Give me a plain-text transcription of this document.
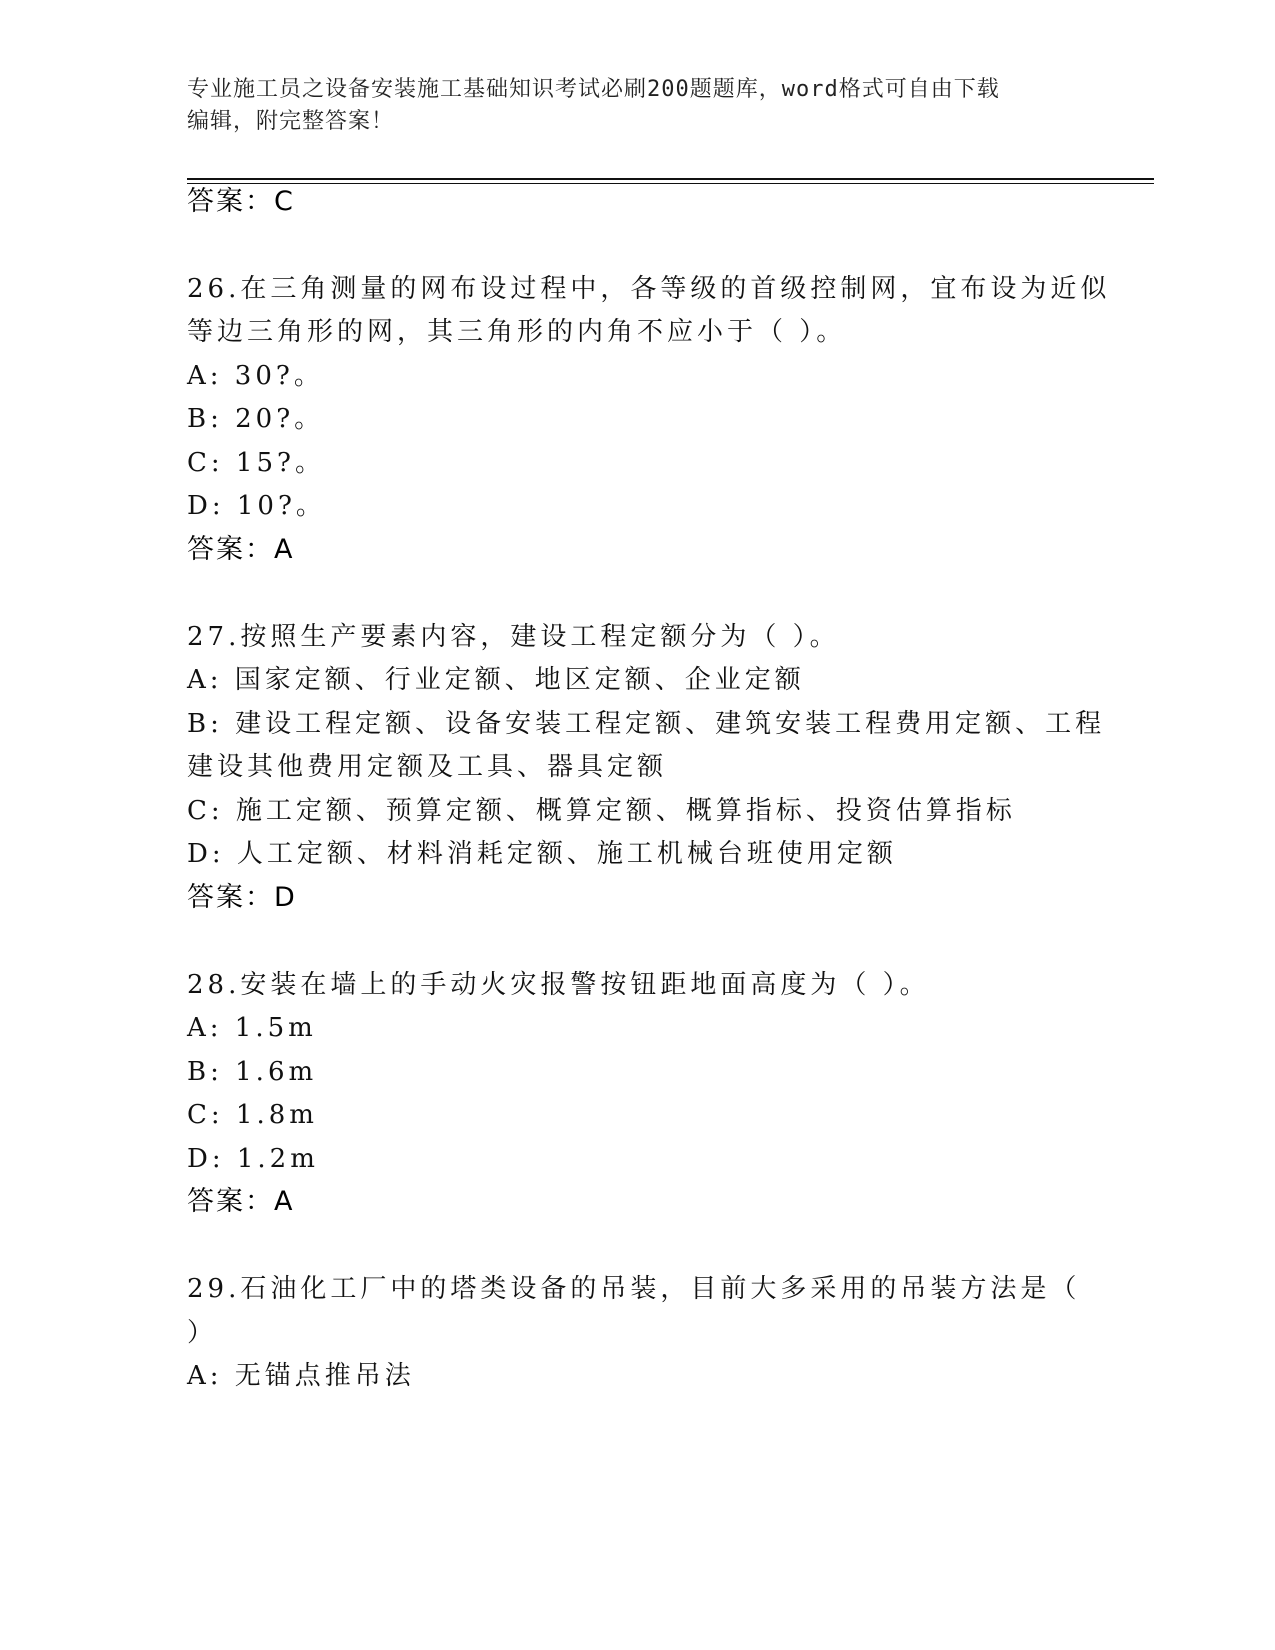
专业施工员之设备安装施工基础知识考试必刷200题题库，word格式可自由下载
编辑，附完整答案！
答案：C
26.在三角测量的网布设过程中，各等级的首级控制网，宜布设为近似
等边三角形的网，其三角形的内角不应小于（ ）。
A: 30?。
B: 20?。
C: 15?。
D: 10?。
答案：A
27.按照生产要素内容，建设工程定额分为（ ）。
A: 国家定额、行业定额、地区定额、企业定额
B: 建设工程定额、设备安装工程定额、建筑安装工程费用定额、工程
建设其他费用定额及工具、器具定额
C: 施工定额、预算定额、概算定额、概算指标、投资估算指标
D: 人工定额、材料消耗定额、施工机械台班使用定额
答案：D
28.安装在墙上的手动火灾报警按钮距地面高度为（ ）。
A: 1.5m
B: 1.6m
C: 1.8m
D: 1.2m
答案：A
29.石油化工厂中的塔类设备的吊装，目前大多采用的吊装方法是（
）
A: 无锚点推吊法
